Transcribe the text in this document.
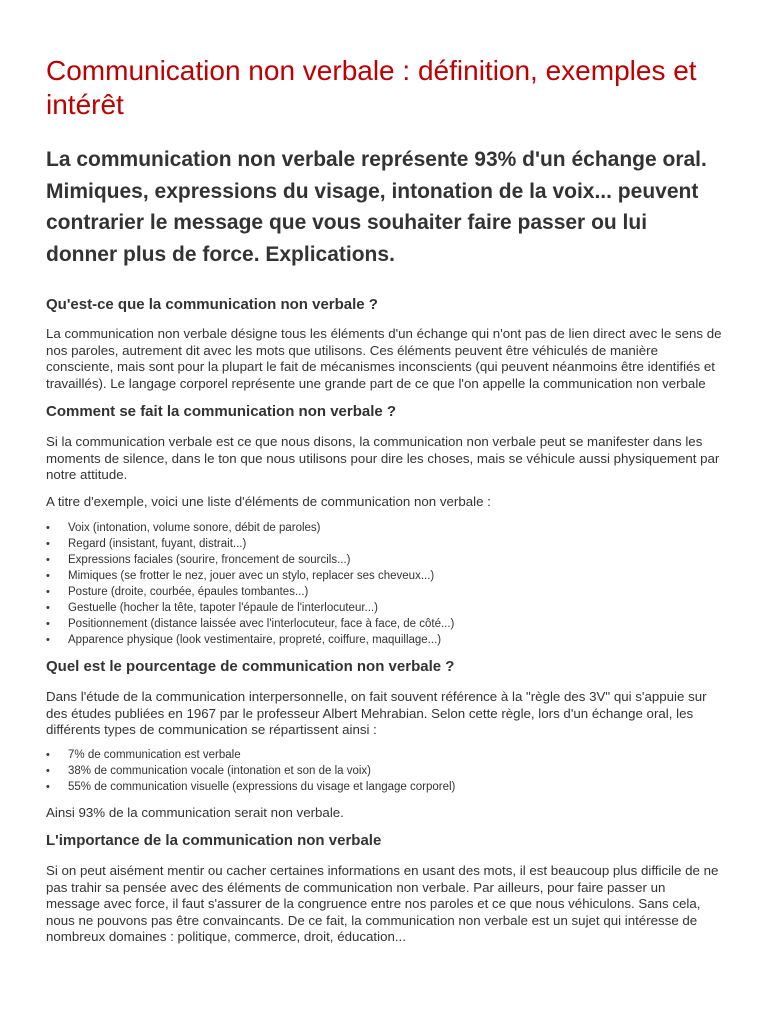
Communication non verbale : définition, exemples et intérêt

La communication non verbale représente 93% d'un échange oral. Mimiques, expressions du visage, intonation de la voix... peuvent contrarier le message que vous souhaiter faire passer ou lui donner plus de force. Explications.

Qu'est-ce que la communication non verbale ?

La communication non verbale désigne tous les éléments d'un échange qui n'ont pas de lien direct avec le sens de nos paroles, autrement dit avec les mots que utilisons. Ces éléments peuvent être véhiculés de manière consciente, mais sont pour la plupart le fait de mécanismes inconscients (qui peuvent néanmoins être identifiés et travaillés). Le langage corporel représente une grande part de ce que l'on appelle la communication non verbale

Comment se fait la communication non verbale ?

Si la communication verbale est ce que nous disons, la communication non verbale peut se manifester dans les moments de silence, dans le ton que nous utilisons pour dire les choses, mais se véhicule aussi physiquement par notre attitude.

A titre d'exemple, voici une liste d'éléments de communication non verbale :

• Voix (intonation, volume sonore, débit de paroles)
• Regard (insistant, fuyant, distrait...)
• Expressions faciales (sourire, froncement de sourcils...)
• Mimiques (se frotter le nez, jouer avec un stylo, replacer ses cheveux...)
• Posture (droite, courbée, épaules tombantes...)
• Gestuelle (hocher la tête, tapoter l'épaule de l'interlocuteur...)
• Positionnement (distance laissée avec l'interlocuteur, face à face, de côté...)
• Apparence physique (look vestimentaire, propreté, coiffure, maquillage...)
Quel est le pourcentage de communication non verbale ?

Dans l'étude de la communication interpersonnelle, on fait souvent référence à la "règle des 3V" qui s'appuie sur des études publiées en 1967 par le professeur Albert Mehrabian. Selon cette règle, lors d'un échange oral, les différents types de communication se répartissent ainsi :

• 7% de communication est verbale
• 38% de communication vocale (intonation et son de la voix)
• 55% de communication visuelle (expressions du visage et langage corporel)

Ainsi 93% de la communication serait non verbale.

L'importance de la communication non verbale

Si on peut aisément mentir ou cacher certaines informations en usant des mots, il est beaucoup plus difficile de ne pas trahir sa pensée avec des éléments de communication non verbale. Par ailleurs, pour faire passer un message avec force, il faut s'assurer de la congruence entre nos paroles et ce que nous véhiculons. Sans cela, nous ne pouvons pas être convaincants. De ce fait, la communication non verbale est un sujet qui intéresse de nombreux domaines : politique, commerce, droit, éducation...
